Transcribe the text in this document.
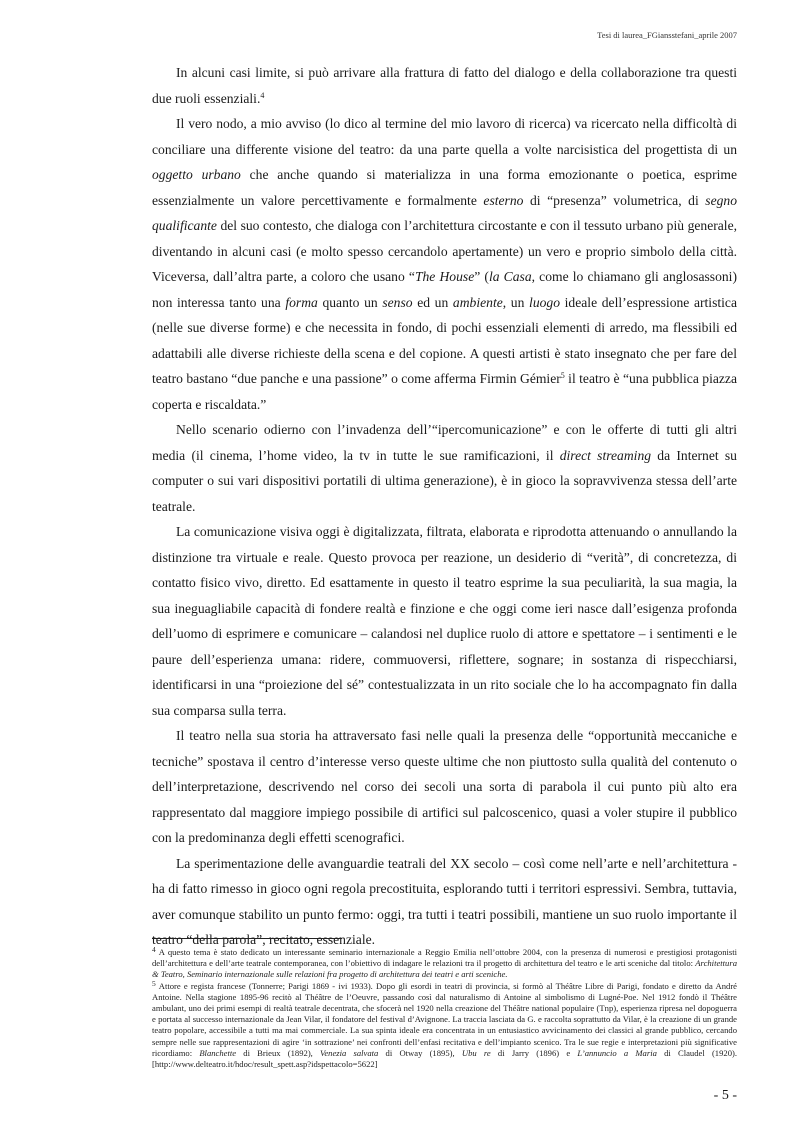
Tesi di laurea_FGiansstefani_aprile 2007

In alcuni casi limite, si può arrivare alla frattura di fatto del dialogo e della collaborazione tra questi due ruoli essenziali.$^4$

Il vero nodo, a mio avviso (lo dico al termine del mio lavoro di ricerca) va ricercato nella difficoltà di conciliare una differente visione del teatro: da una parte quella a volte narcisistica del progettista di un oggetto urbano che anche quando si materializza in una forma emozionante o poetica, esprime essenzialmente un valore percettivamente e formalmente esterno di “presenza” volumetrica, di segno qualificante del suo contesto, che dialoga con l’architettura circostante e con il tessuto urbano più generale, diventando in alcuni casi (e molto spesso cercandolo apertamente) un vero e proprio simbolo della città. Viceversa, dall’altra parte, a coloro che usano “The House” (la Casa, come lo chiamano gli anglosassoni) non interessa tanto una forma quanto un senso ed un ambiente, un luogo ideale dell’espressione artistica (nelle sue diverse forme) e che necessita in fondo, di pochi essenziali elementi di arredo, ma flessibili ed adattabili alle diverse richieste della scena e del copione. A questi artisti è stato insegnato che per fare del teatro bastano “due panche e una passione” o come afferma Firmin Gémier$^5$ il teatro è “una pubblica piazza coperta e riscaldata.”

Nello scenario odierno con l’invadenza dell’“ipercomunicazione” e con le offerte di tutti gli altri media (il cinema, l’home video, la tv in tutte le sue ramificazioni, il direct streaming da Internet su computer o sui vari dispositivi portatili di ultima generazione), è in gioco la sopravvivenza stessa dell’arte teatrale.

La comunicazione visiva oggi è digitalizzata, filtrata, elaborata e riprodotta attenuando o annullando la distinzione tra virtuale e reale. Questo provoca per reazione, un desiderio di “verità”, di concretezza, di contatto fisico vivo, diretto. Ed esattamente in questo il teatro esprime la sua peculiarità, la sua magia, la sua ineguagliabile capacità di fondere realtà e finzione e che oggi come ieri nasce dall’esigenza profonda dell’uomo di esprimere e comunicare – calandosi nel duplice ruolo di attore e spettatore – i sentimenti e le paure dell’esperienza umana: ridere, commuoversi, riflettere, sognare; in sostanza di rispecchiarsi, identificarsi in una “proiezione del sé” contestualizzata in un rito sociale che lo ha accompagnato fin dalla sua comparsa sulla terra.

Il teatro nella sua storia ha attraversato fasi nelle quali la presenza delle “opportunità meccaniche e tecniche” spostava il centro d’interesse verso queste ultime che non piuttosto sulla qualità del contenuto o dell’interpretazione, descrivendo nel corso dei secoli una sorta di parabola il cui punto più alto era rappresentato dal maggiore impiego possibile di artifici sul palcoscenico, quasi a voler stupire il pubblico con la predominanza degli effetti scenografici.

La sperimentazione delle avanguardie teatrali del XX secolo – così come nell’arte e nell’architettura - ha di fatto rimesso in gioco ogni regola precostituita, esplorando tutti i territori espressivi. Sembra, tuttavia, aver comunque stabilito un punto fermo: oggi, tra tutti i teatri possibili, mantiene un suo ruolo importante il teatro “della parola”, recitato, essenziale.

$^4$ A questo tema è stato dedicato un interessante seminario internazionale a Reggio Emilia nell’ottobre 2004, con la presenza di numerosi e prestigiosi protagonisti dell’architettura e dell’arte teatrale contemporanea, con l’obiettivo di indagare le relazioni tra il progetto di architettura del teatro e le arti sceniche dal titolo: Architettura & Teatro, Seminario internazionale sulle relazioni fra progetto di architettura dei teatri e arti sceniche.

$^5$ Attore e regista francese (Tonnerre; Parigi 1869 - ivi 1933). Dopo gli esordi in teatri di provincia, si formò al Théâtre Libre di Parigi, fondato e diretto da André Antoine. Nella stagione 1895-96 recitò al Théâtre de l’Oeuvre, passando così dal naturalismo di Antoine al simbolismo di Lugné-Poe. Nel 1912 fondò il Théâtre ambulant, uno dei primi esempi di realtà teatrale decentrata, che sfocerà nel 1920 nella creazione del Théâtre national populaire (Tnp), esperienza ripresa nel dopoguerra e portata al successo internazionale da Jean Vilar, il fondatore del festival d’Avignone. La traccia lasciata da G. e raccolta soprattutto da Vilar, è la creazione di un grande teatro popolare, accessibile a tutti ma mai commerciale. La sua spinta ideale era concentrata in un entusiastico avvicinamento dei classici al grande pubblico, cercando sempre nelle sue rappresentazioni di agire ‘in sottrazione’ nei confronti dell’enfasi recitativa e dell’impianto scenico. Tra le sue regie e interpretazioni più significative ricordiamo: Blanchette di Brieux (1892), Venezia salvata di Otway (1895), Ubu re di Jarry (1896) e L’annuncio a Maria di Claudel (1920). [http://www.delteatro.it/hdoc/result_spett.asp?idspettacolo=5622]

- 5 -
